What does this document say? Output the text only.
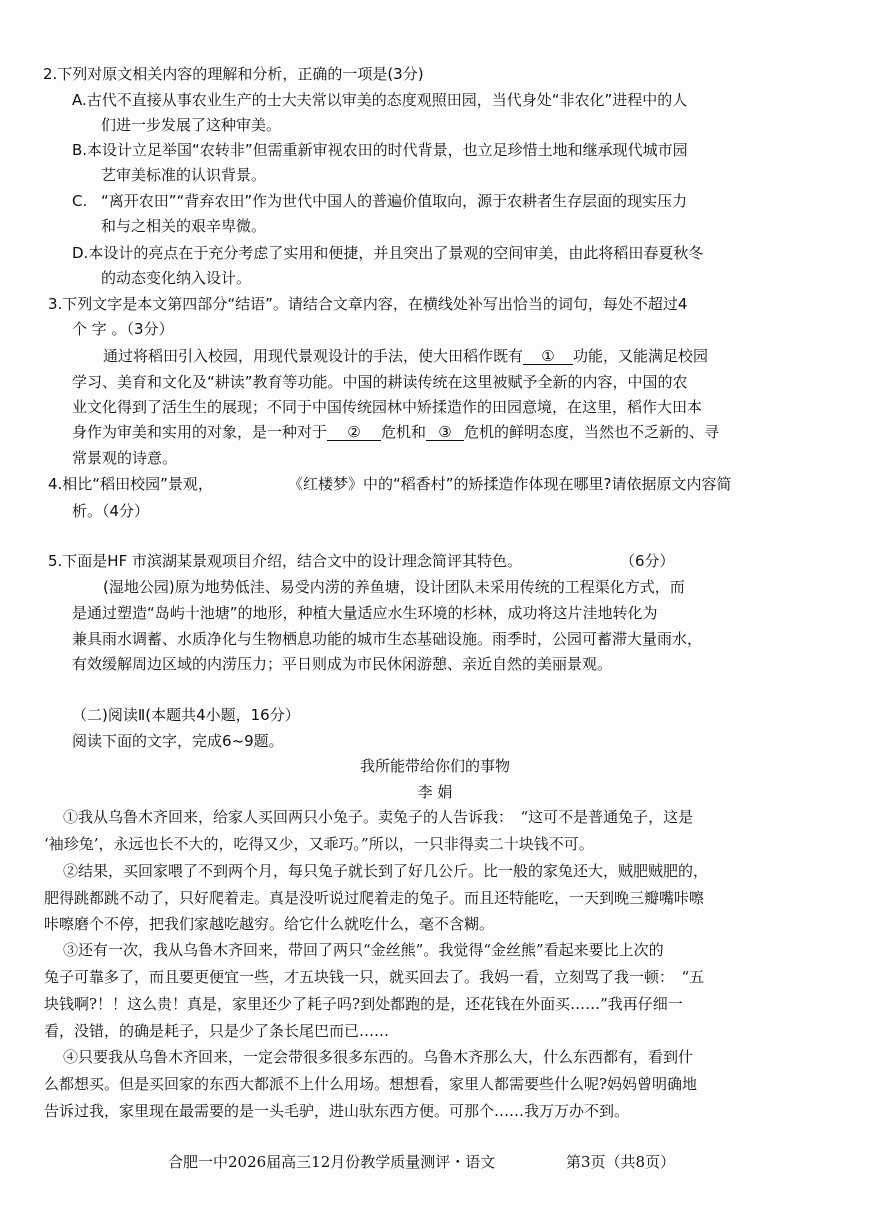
2.下列对原文相关内容的理解和分析，正确的一项是(3分)
A.古代不直接从事农业生产的士大夫常以审美的态度观照田园，当代身处“非农化”进程中的人
们进一步发展了这种审美。
B.本设计立足举国“农转非”但需重新审视农田的时代背景，也立足珍惜土地和继承现代城市园
艺审美标准的认识背景。
C. “离开农田”“背弃农田”作为世代中国人的普遍价值取向，源于农耕者生存层面的现实压力
和与之相关的艰辛卑微。
D.本设计的亮点在于充分考虑了实用和便捷，并且突出了景观的空间审美，由此将稻田春夏秋冬
的动态变化纳入设计。
3.下列文字是本文第四部分“结语”。请结合文章内容，在横线处补写出恰当的词句，每处不超过4
个 字 。（3分）
通过将稻田引入校园，用现代景观设计的手法，使大田稻作既有 ① 功能，又能满足校园
学习、美育和文化及“耕读”教育等功能。中国的耕读传统在这里被赋予全新的内容，中国的农
业文化得到了活生生的展现；不同于中国传统园林中矫揉造作的田园意境，在这里，稻作大田本
身作为审美和实用的对象，是一种对于 ② 危机和 ③ 危机的鲜明态度，当然也不乏新的、寻
常景观的诗意。
4.相比“稻田校园”景观，	《红楼梦》中的“稻香村”的矫揉造作体现在哪里?请依据原文内容简
析。（4分）
5.下面是HF 市滨湖某景观项目介绍，结合文中的设计理念简评其特色。	（6分）
(湿地公园)原为地势低洼、易受内涝的养鱼塘，设计团队未采用传统的工程渠化方式，而
是通过塑造“岛屿十池塘”的地形，种植大量适应水生环境的杉林，成功将这片洼地转化为
兼具雨水调蓄、水质净化与生物栖息功能的城市生态基础设施。雨季时，公园可蓄滞大量雨水，
有效缓解周边区域的内涝压力；平日则成为市民休闲游憩、亲近自然的美丽景观。
（二)阅读Ⅱ(本题共4小题，16分）
阅读下面的文字，完成6~9题。
我所能带给你们的事物
李 娟
①我从乌鲁木齐回来，给家人买回两只小兔子。卖兔子的人告诉我：　“这可不是普通兔子，这是
‘袖珍兔’，永远也长不大的，吃得又少，又乖巧。”所以，一只非得卖二十块钱不可。
②结果，买回家喂了不到两个月，每只兔子就长到了好几公斤。比一般的家兔还大，贼肥贼肥的，
肥得跳都跳不动了，只好爬着走。真是没听说过爬着走的兔子。而且还特能吃，一天到晚三瓣嘴咔嚓
咔嚓磨个不停，把我们家越吃越穷。给它什么就吃什么，毫不含糊。
③还有一次，我从乌鲁木齐回来，带回了两只“金丝熊”。我觉得“金丝熊”看起来要比上次的
兔子可靠多了，而且要更便宜一些，才五块钱一只，就买回去了。我妈一看，立刻骂了我一顿：　“五
块钱啊?！！这么贵！真是，家里还少了耗子吗?到处都跑的是，还花钱在外面买……”我再仔细一
看，没错，的确是耗子，只是少了条长尾巴而已……
④只要我从乌鲁木齐回来，一定会带很多很多东西的。乌鲁木齐那么大，什么东西都有，看到什
么都想买。但是买回家的东西大都派不上什么用场。想想看，家里人都需要些什么呢?妈妈曾明确地
告诉过我，家里现在最需要的是一头毛驴，进山驮东西方便。可那个……我万万办不到。
合肥一中2026届高三12月份教学质量测评・语文	第3页（共8页）
